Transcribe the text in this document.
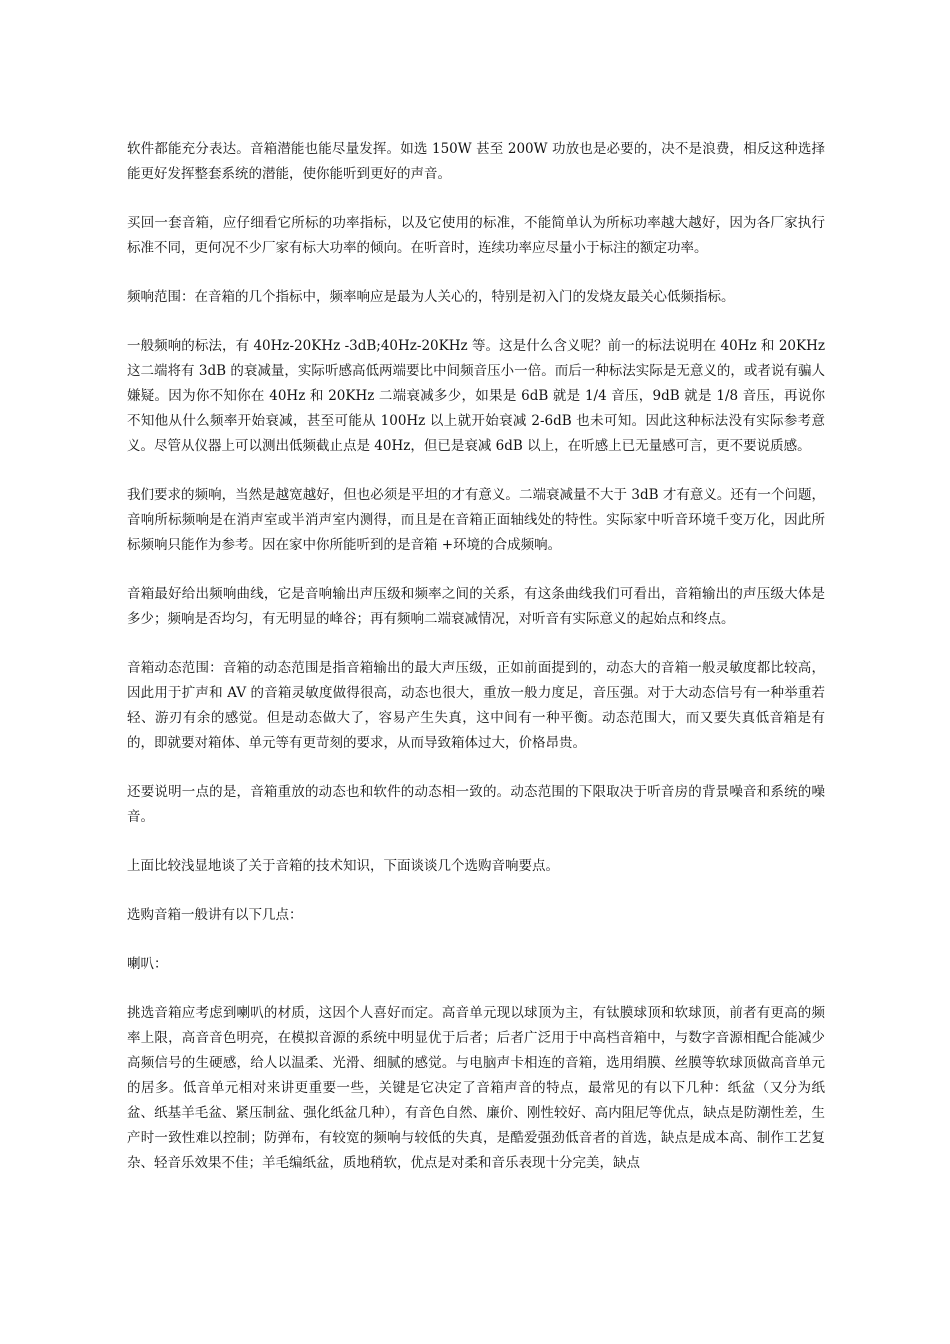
软件都能充分表达。音箱潜能也能尽量发挥。如选 150W 甚至 200W 功放也是必要的，决不是浪费，相反这种选择能更好发挥整套系统的潜能，使你能听到更好的声音。

买回一套音箱，应仔细看它所标的功率指标，以及它使用的标准，不能简单认为所标功率越大越好，因为各厂家执行标准不同，更何况不少厂家有标大功率的倾向。在听音时，连续功率应尽量小于标注的额定功率。

频响范围：在音箱的几个指标中，频率响应是最为人关心的，特别是初入门的发烧友最关心低频指标。

一般频响的标法，有 40Hz-20KHz -3dB;40Hz-20KHz 等。这是什么含义呢？前一的标法说明在 40Hz 和 20KHz 这二端将有 3dB 的衰减量，实际听感高低两端要比中间频音压小一倍。而后一种标法实际是无意义的，或者说有骗人嫌疑。因为你不知你在 40Hz 和 20KHz 二端衰减多少，如果是 6dB 就是 1/4 音压，9dB 就是 1/8 音压，再说你不知他从什么频率开始衰减，甚至可能从 100Hz 以上就开始衰减 2-6dB 也未可知。因此这种标法没有实际参考意义。尽管从仪器上可以测出低频截止点是 40Hz，但已是衰减 6dB 以上，在听感上已无量感可言，更不要说质感。

我们要求的频响，当然是越宽越好，但也必须是平坦的才有意义。二端衰减量不大于 3dB 才有意义。还有一个问题，音响所标频响是在消声室或半消声室内测得，而且是在音箱正面轴线处的特性。实际家中听音环境千变万化，因此所标频响只能作为参考。因在家中你所能听到的是音箱 +环境的合成频响。

音箱最好给出频响曲线，它是音响输出声压级和频率之间的关系，有这条曲线我们可看出，音箱输出的声压级大体是多少；频响是否均匀，有无明显的峰谷；再有频响二端衰减情况，对听音有实际意义的起始点和终点。

音箱动态范围：音箱的动态范围是指音箱输出的最大声压级，正如前面提到的，动态大的音箱一般灵敏度都比较高，因此用于扩声和 AV 的音箱灵敏度做得很高，动态也很大，重放一般力度足，音压强。对于大动态信号有一种举重若轻、游刃有余的感觉。但是动态做大了，容易产生失真，这中间有一种平衡。动态范围大，而又要失真低音箱是有的，即就要对箱体、单元等有更苛刻的要求，从而导致箱体过大，价格昂贵。

还要说明一点的是，音箱重放的动态也和软件的动态相一致的。动态范围的下限取决于听音房的背景噪音和系统的噪音。

上面比较浅显地谈了关于音箱的技术知识，下面谈谈几个选购音响要点。

选购音箱一般讲有以下几点：

喇叭：

挑选音箱应考虑到喇叭的材质，这因个人喜好而定。高音单元现以球顶为主，有钛膜球顶和软球顶，前者有更高的频率上限，高音音色明亮，在模拟音源的系统中明显优于后者；后者广泛用于中高档音箱中，与数字音源相配合能减少高频信号的生硬感，给人以温柔、光滑、细腻的感觉。与电脑声卡相连的音箱，选用绢膜、丝膜等软球顶做高音单元的居多。低音单元相对来讲更重要一些，关键是它决定了音箱声音的特点，最常见的有以下几种：纸盆（又分为纸盆、纸基羊毛盆、紧压制盆、强化纸盆几种），有音色自然、廉价、刚性较好、高内阻尼等优点，缺点是防潮性差，生产时一致性难以控制；防弹布，有较宽的频响与较低的失真，是酷爱强劲低音者的首选，缺点是成本高、制作工艺复杂、轻音乐效果不佳；羊毛编纸盆，质地稍软，优点是对柔和音乐表现十分完美，缺点
